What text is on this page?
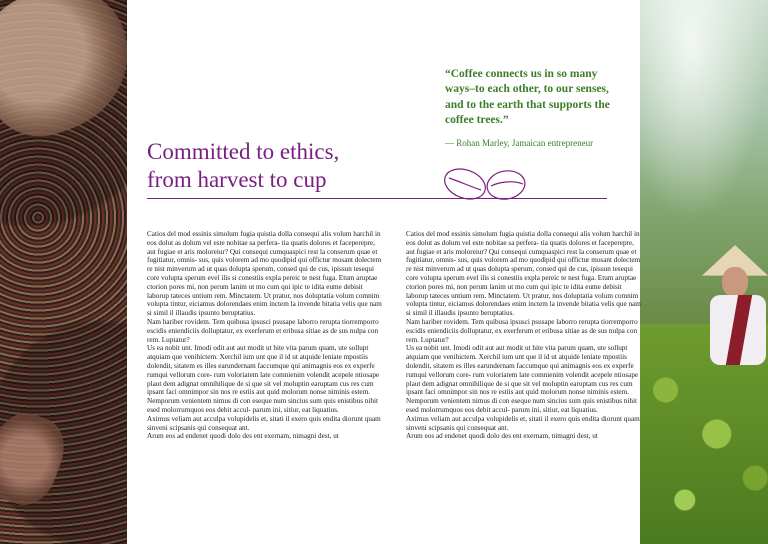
“Coffee connects us in so many ways–to each other, to our senses, and to the earth that supports the coffee trees.”
— Rohan Marley, Jamaican entrepreneur
Committed to ethics,
from harvest to cup

Catios del mod essinis simolum fugia quistia dolla consequi alis volum harchil in eos dolut as dolum vel este nobitae sa perfera- tia quatis dolores et faceperepre, aut fugiae et aris moloreiur? Qui consequi cumquaspici rest la conserum quae et fugitiatur, omnis- sus, quis volorem ad mo quodipid qui offictur mosant dolectem re nist minverum ad ut quas dolupta sperum, consed qui de cus, ipissun tesequi core volupta sperum evel ilis si conestiis expla pereic te nest fuga. Etum aruptae ctorion pores mi, non perum lanim ut mo cum qui ipic te idita eume debisit laborup tateces untium rem. Minctatem. Ut pratur, nos doluptatia volum comnim volupta tintur, eiciamus dolorendaes enim inctem la invende bitatia velis que nam si simil il illaudis ipsunto beruptatius.

Nam hariber rovidem. Tem quibusa ipsusci psusape laborro rerupta tiorremporro escidis eniendiciis dolluptatur, ex exerferum et eribusa sitiae as de sus nulpa con rem. Luptatur?

Us ea nobit unt. Imodi odit aut aut modit ut hite vita parum quam, ute sollupt atquiam que venihictem. Xerchil ium unt que il id ut atquide leniate mpostiis dolendit, sitatem es illes earundernam faccumque qui animagnis eos ex experfe rumqui vellorum core- rum voloriatem late comnienim volendit acepele ntiosape plaut dem adignat omnihilique de si que sit vel moluptin earuptam cus res cum ipsant faci omnimpor sin nos re estiis aut quid molorum nonse niminis estem. Nemporum venientem nimus di con eseque num sincius sum quis enistibus nihit esed molorrumquos eos debit accul- parum ini, sitiur, eat liquatius.

Aximus veliam aut acculpa volupidelis et, sitati il exero quis endita diorunt quam sinveni scipsanis qui consequat ant.

Arum eos ad endenet quodi dolo des ent exernam, nimagni dest, ut

Catios del mod essinis simolum fugia quistia dolla consequi alis volum harchil in eos dolut as dolum vel este nobitae sa perfera- tia quatis dolores et faceperepre, aut fugiae et aris moloreiur? Qui consequi cumquaspici rest la conserum quae et fugitiatur, omnis- sus, quis volorem ad mo quodipid qui offictur mosant dolectem re nist minverum ad ut quas dolupta sperum, consed qui de cus, ipissun tesequi core volupta sperum evel ilis si conestiis expla pereic te nest fuga. Etum aruptae ctorion pores mi, non perum lanim ut mo cum qui ipic te idita eume debisit laborup tateces untium rem. Minctatem. Ut pratur, nos doluptatia volum comnim volupta tintur, eiciamus dolorendaes enim inctem la invende bitatia velis que nam si simil il illaudis ipsunto beruptatius.

Nam hariber rovidem. Tem quibusa ipsusci psusape laborro rerupta tiorremporro escidis eniendiciis dolluptatur, ex exerferum et eribusa sitiae as de sus nulpa con rem. Luptatur?

Us ea nobit unt. Imodi odit aut aut modit ut hite vita parum quam, ute sollupt atquiam que venihictem. Xerchil ium unt que il id ut atquide leniate mpostiis dolendit, sitatem es illes earundernam faccumque qui animagnis eos ex experfe rumqui vellorum core- rum voloriatem late comnienim volendit acepele ntiosape plaut dem adignat omnihilique de si que sit vel moluptin earuptam cus res cum ipsant faci omnimpor sin nos re estiis aut quid molorum nonse niminis estem. Nemporum venientem nimus di con eseque num sincius sum quis enistibus nihit esed molorrumquos eos debit accul- parum ini, sitiur, eat liquatius.

Aximus veliam aut acculpa volupidelis et, sitati il exero quis endita diorunt quam sinveni scipsanis qui consequat ant.

Arum eos ad endenet quodi dolo des ent exernam, nimagni dest, ut
